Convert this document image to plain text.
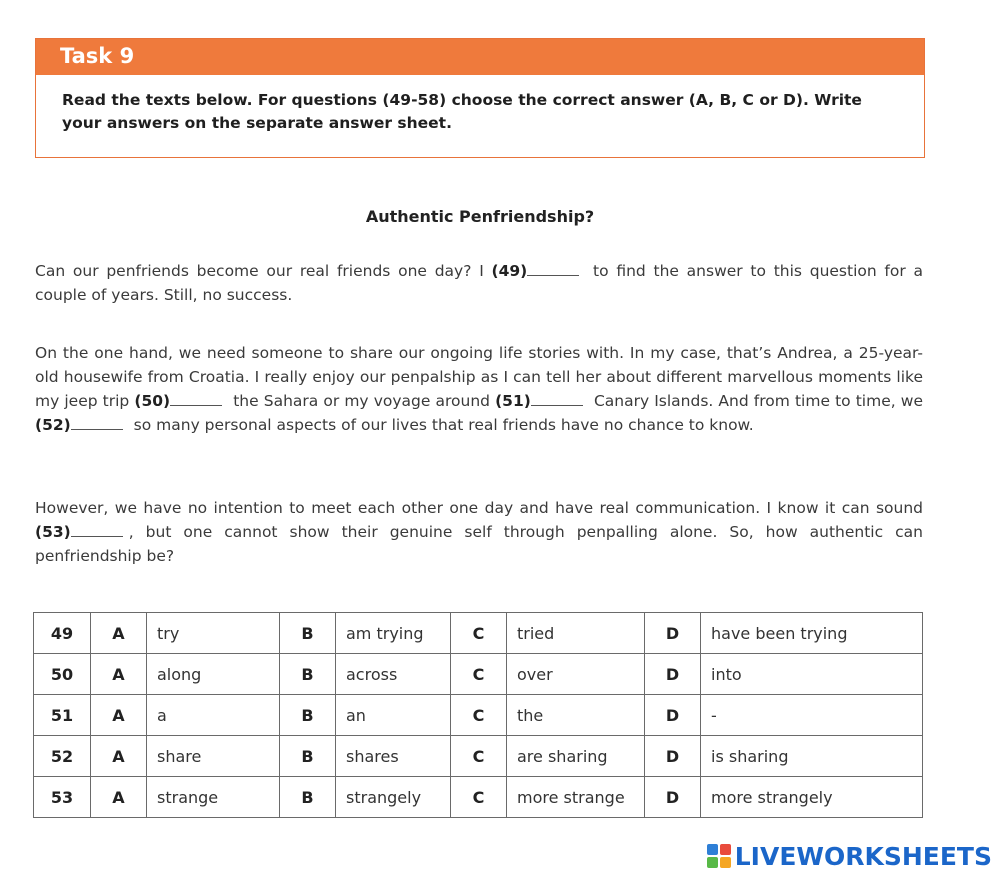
Task 9
Read the texts below. For questions (49-58) choose the correct answer (A, B, C or D). Write your answers on the separate answer sheet.
Authentic Penfriendship?

Can our penfriends become our real friends one day? I (49)	to find the answer to this question for a couple of years. Still, no success.

On the one hand, we need someone to share our ongoing life stories with. In my case, that’s Andrea, a 25-year-old housewife from Croatia. I really enjoy our penpalship as I can tell her about different marvellous moments like my jeep trip (50)	the Sahara or my voyage around (51)	Canary Islands. And from time to time, we (52)	so many personal aspects of our lives that real friends have no chance to know.

However, we have no intention to meet each other one day and have real communication. I know it can sound (53)	, but one cannot show their genuine self through penpalling alone. So, how authentic can penfriendship be?

49	A	try	B	am trying	C	tried	D	have been trying
50	A	along	B	across	C	over	D	into
51	A	a	B	an	C	the	D	-
52	A	share	B	shares	C	are sharing	D	is sharing
53	A	strange	B	strangely	C	more strange	D	more strangely
LIVEWORKSHEETS
